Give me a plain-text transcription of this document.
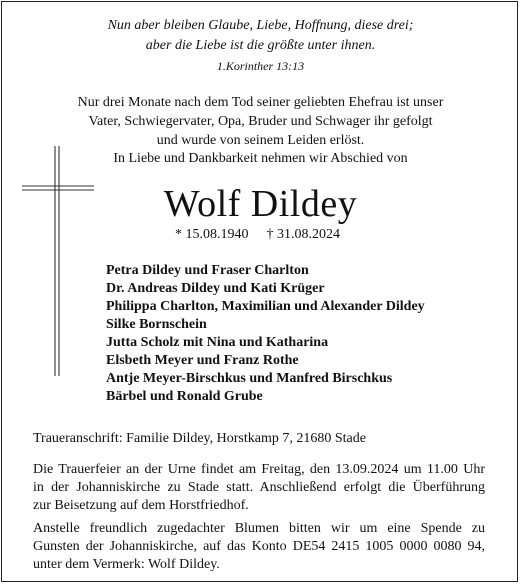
Nun aber bleiben Glaube, Liebe, Hoffnung, diese drei;
aber die Liebe ist die größte unter ihnen.
1.Korinther 13:13
Nur drei Monate nach dem Tod seiner geliebten Ehefrau ist unser
Vater, Schwiegervater, Opa, Bruder und Schwager ihr gefolgt
und wurde von seinem Leiden erlöst.
In Liebe und Dankbarkeit nehmen wir Abschied von
Wolf Dildey
* 15.08.1940 † 31.08.2024
Petra Dildey und Fraser Charlton
Dr. Andreas Dildey und Kati Krüger
Philippa Charlton, Maximilian und Alexander Dildey
Silke Bornschein
Jutta Scholz mit Nina und Katharina
Elsbeth Meyer und Franz Rothe
Antje Meyer-Birschkus und Manfred Birschkus
Bärbel und Ronald Grube
Traueranschrift: Familie Dildey, Horstkamp 7, 21680 Stade
Die Trauerfeier an der Urne findet am Freitag, den 13.09.2024 um 11.00 Uhr
in der Johanniskirche zu Stade statt. Anschließend erfolgt die Überführung
zur Beisetzung auf dem Horstfriedhof.
Anstelle freundlich zugedachter Blumen bitten wir um eine Spende zu
Gunsten der Johanniskirche, auf das Konto DE54 2415 1005 0000 0080 94,
unter dem Vermerk: Wolf Dildey.
